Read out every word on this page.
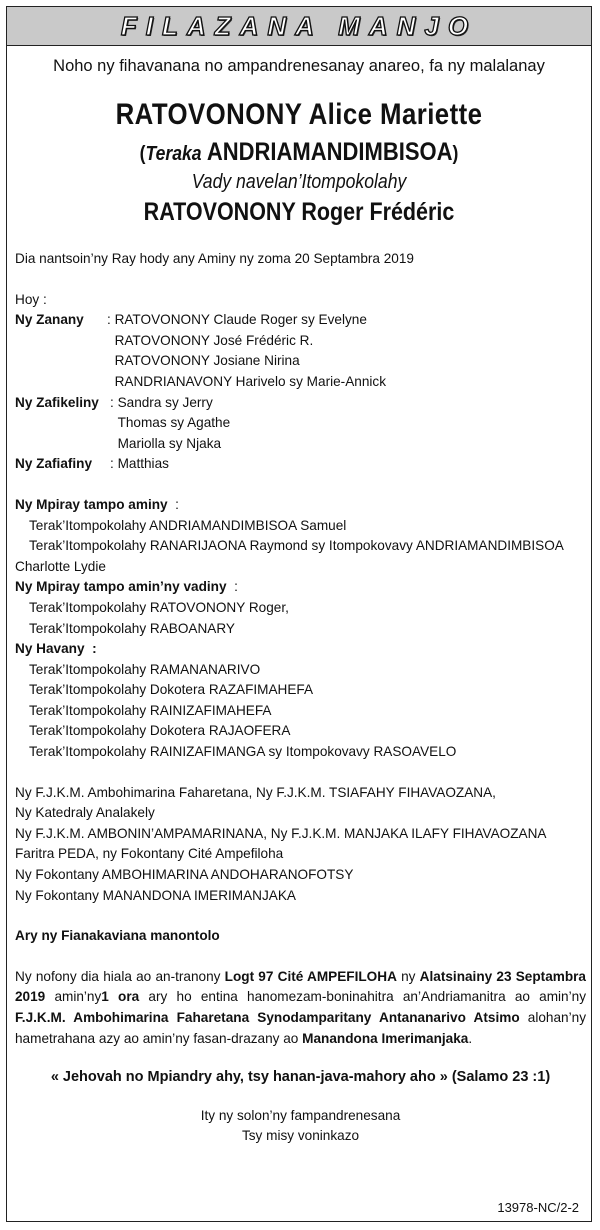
FILAZANA MANJO
Noho ny fihavanana no ampandrenesanay anareo, fa ny malalanay
RATOVONONY Alice Mariette
(Teraka ANDRIAMANDIMBISOA)
Vady navelan’Itompokolahy
RATOVONONY Roger Frédéric
Dia nantsoin’ny Ray hody any Aminy ny zoma 20 Septambra 2019
Hoy :
Ny Zanany	: RATOVONONY Claude Roger sy Evelyne
RATOVONONY José Frédéric R.
RATOVONONY Josiane Nirina
RANDRIANAVONY Harivelo sy Marie-Annick
Ny Zafikeliny : Sandra sy Jerry
Thomas sy Agathe
Mariolla sy Njaka
Ny Zafiafiny	: Matthias
Ny Mpiray tampo aminy  :
Terak’Itompokolahy ANDRIAMANDIMBISOA Samuel
Terak’Itompokolahy RANARIJAONA Raymond sy Itompokovavy ANDRIAMANDIMBISOA
Charlotte Lydie
Ny Mpiray tampo amin’ny vadiny  :
Terak’Itompokolahy RATOVONONY Roger,
Terak’Itompokolahy RABOANARY
Ny Havany  :
Terak’Itompokolahy RAMANANARIVO
Terak’Itompokolahy Dokotera RAZAFIMAHEFA
Terak’Itompokolahy RAINIZAFIMAHEFA
Terak’Itompokolahy Dokotera RAJAOFERA
Terak’Itompokolahy RAINIZAFIMANGA sy Itompokovavy RASOAVELO
Ny F.J.K.M. Ambohimarina Faharetana, Ny F.J.K.M. TSIAFAHY FIHAVAOZANA,
Ny Katedraly Analakely
Ny F.J.K.M. AMBONIN’AMPAMARINANA, Ny F.J.K.M. MANJAKA ILAFY FIHAVAOZANA
Faritra PEDA, ny Fokontany Cité Ampefiloha
Ny Fokontany AMBOHIMARINA ANDOHARANOFOTSY
Ny Fokontany MANANDONA IMERIMANJAKA
Ary ny Fianakaviana manontolo
Ny nofony dia hiala ao an-tranony Logt 97 Cité AMPEFILOHA ny Alatsinainy 23 Septambra 2019 amin’ny1 ora ary ho entina hanomezam-boninahitra an’Andriamanitra ao amin’ny F.J.K.M. Ambohimarina Faharetana Synodamparitany Antananarivo Atsimo alohan’ny hametrahana azy ao amin’ny fasan-drazany ao Manandona Imerimanjaka.
« Jehovah no Mpiandry ahy, tsy hanan-java-mahory aho » (Salamo 23 :1)
Ity ny solon’ny fampandrenesana
Tsy misy voninkazo
13978-NC/2-2
